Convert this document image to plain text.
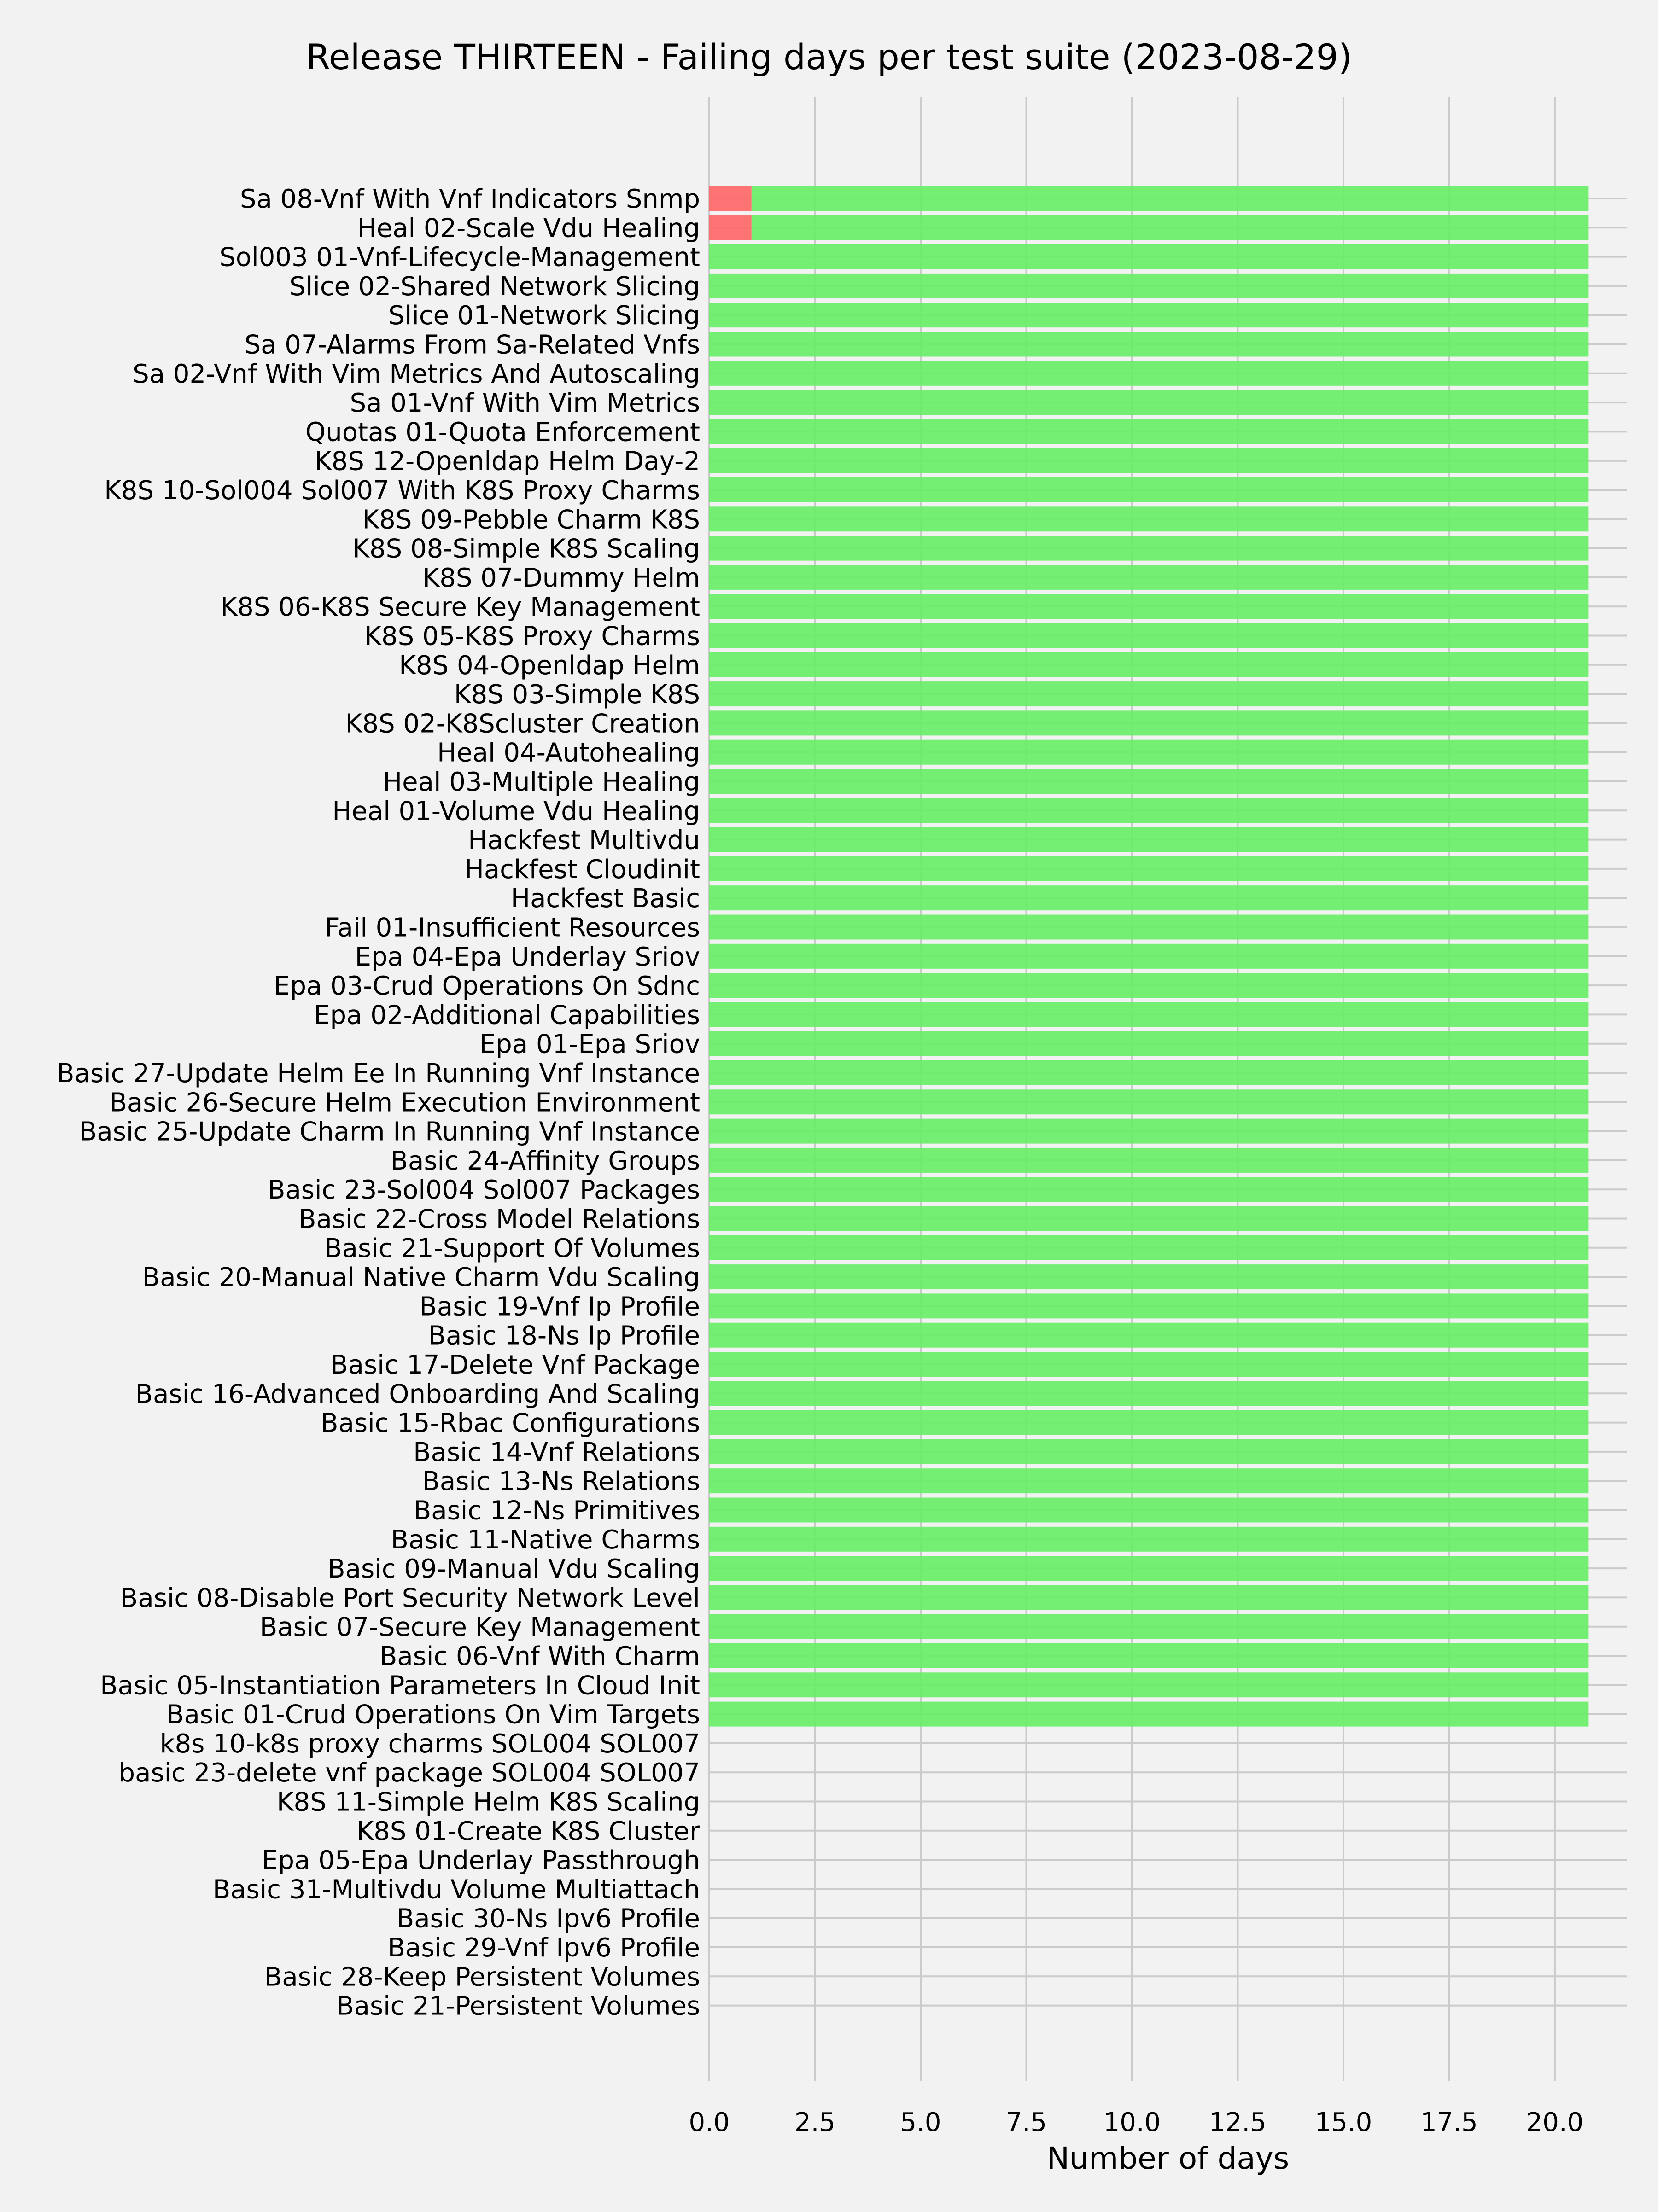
0.0	2.5	5.0	7.5 10.0 12.5 15.0 17.5 20.0
Sa 08-Vnf With Vnf Indicators Snmp
Heal 02-Scale Vdu Healing
Sol003 01-Vnf-Lifecycle-Management
Slice 02-Shared Network Slicing
Slice 01-Network Slicing
Sa 07-Alarms From Sa-Related Vnfs
Sa 02-Vnf With Vim Metrics And Autoscaling
Sa 01-Vnf With Vim Metrics
Quotas 01-Quota Enforcement
K8S 12-Openldap Helm Day-2
K8S 10-Sol004 Sol007 With K8S Proxy Charms
K8S 09-Pebble Charm K8S
K8S 08-Simple K8S Scaling
K8S 07-Dummy Helm
K8S 06-K8S Secure Key Management
K8S 05-K8S Proxy Charms
K8S 04-Openldap Helm
K8S 03-Simple K8S
K8S 02-K8Scluster Creation
Heal 04-Autohealing
Heal 03-Multiple Healing
Heal 01-Volume Vdu Healing
Hackfest Multivdu
Hackfest Cloudinit
Hackfest Basic
Fail 01-Insufficient Resources
Epa 04-Epa Underlay Sriov
Epa 03-Crud Operations On Sdnc
Epa 02-Additional Capabilities
Epa 01-Epa Sriov
Basic 27-Update Helm Ee In Running Vnf Instance
Basic 26-Secure Helm Execution Environment
Basic 25-Update Charm In Running Vnf Instance
Basic 24-Affinity Groups
Basic 23-Sol004 Sol007 Packages
Basic 22-Cross Model Relations
Basic 21-Support Of Volumes
Basic 20-Manual Native Charm Vdu Scaling
Basic 19-Vnf Ip Profile
Basic 18-Ns Ip Profile
Basic 17-Delete Vnf Package
Basic 16-Advanced Onboarding And Scaling
Basic 15-Rbac Configurations
Basic 14-Vnf Relations
Basic 13-Ns Relations
Basic 12-Ns Primitives
Basic 11-Native Charms
Basic 09-Manual Vdu Scaling
Basic 08-Disable Port Security Network Level
Basic 07-Secure Key Management
Basic 06-Vnf With Charm
Basic 05-Instantiation Parameters In Cloud Init
Basic 01-Crud Operations On Vim Targets
k8s 10-k8s proxy charms SOL004 SOL007
basic 23-delete vnf package SOL004 SOL007
K8S 11-Simple Helm K8S Scaling
K8S 01-Create K8S Cluster
Epa 05-Epa Underlay Passthrough
Basic 31-Multivdu Volume Multiattach
Basic 30-Ns Ipv6 Profile
Basic 29-Vnf Ipv6 Profile
Basic 28-Keep Persistent Volumes
Basic 21-Persistent Volumes
Release THIRTEEN - Failing days per test suite (2023-08-29)
Number of days
